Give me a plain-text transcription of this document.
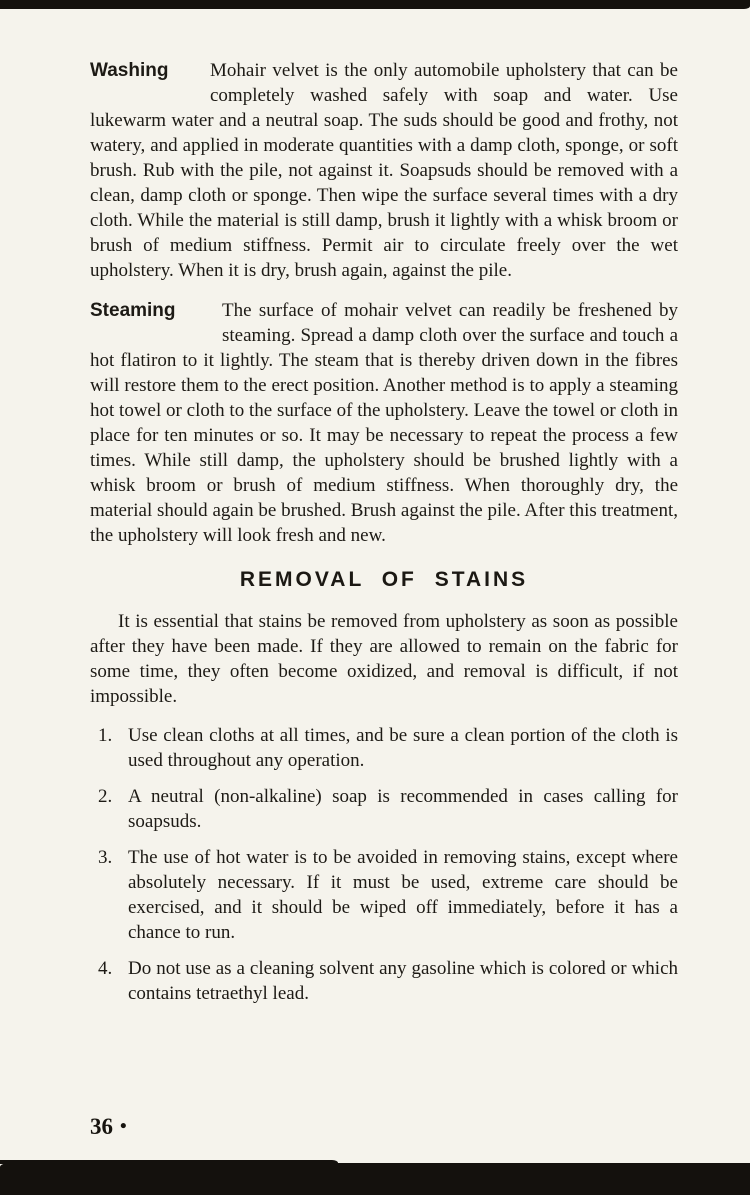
Washing	Mohair velvet is the only automobile upholstery that can be completely washed safely with soap and water. Use lukewarm water and a neutral soap. The suds should be good and frothy, not watery, and applied in moderate quantities with a damp cloth, sponge, or soft brush. Rub with the pile, not against it. Soapsuds should be removed with a clean, damp cloth or sponge. Then wipe the surface several times with a dry cloth. While the material is still damp, brush it lightly with a whisk broom or brush of medium stiffness. Permit air to circulate freely over the wet upholstery. When it is dry, brush again, against the pile.

Steaming	The surface of mohair velvet can readily be freshened by steaming. Spread a damp cloth over the surface and touch a hot flatiron to it lightly. The steam that is thereby driven down in the fibres will restore them to the erect position. Another method is to apply a steaming hot towel or cloth to the surface of the upholstery. Leave the towel or cloth in place for ten minutes or so. It may be necessary to repeat the process a few times. While still damp, the upholstery should be brushed lightly with a whisk broom or brush of medium stiffness. When thoroughly dry, the material should again be brushed. Brush against the pile. After this treatment, the upholstery will look fresh and new.

REMOVAL OF STAINS

It is essential that stains be removed from upholstery as soon as possible after they have been made. If they are allowed to remain on the fabric for some time, they often become oxidized, and removal is difficult, if not impossible.

1. Use clean cloths at all times, and be sure a clean portion of the cloth is used throughout any operation.
2. A neutral (non-alkaline) soap is recommended in cases calling for soapsuds.
3. The use of hot water is to be avoided in removing stains, except where absolutely necessary. If it must be used, extreme care should be exercised, and it should be wiped off immediately, before it has a chance to run.
4. Do not use as a cleaning solvent any gasoline which is colored or which contains tetraethyl lead.
36 •
